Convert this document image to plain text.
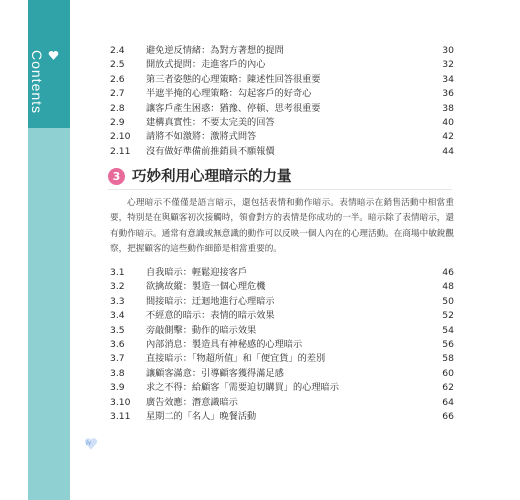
Contents	2.4 避免逆反情緒：為對方著想的提問	30
2.5 開放式提問：走進客戶的內心	32
2.6 第三者姿態的心理策略：陳述性回答很重要	34
2.7 半遮半掩的心理策略：勾起客戶的好奇心	36
2.8 讓客戶產生困惑：猶豫、停頓、思考很重要	38
2.9 建構真實性：不要太完美的回答	40
2.10 請將不如激將：激將式問答	42
2.11 沒有做好準備前推銷員不願報價	44
3 巧妙利用心理暗示的力量
心理暗示不僅僅是語言暗示，還包括表情和動作暗示。表情暗示在銷售活動中相當重要，特別是在與顧客初次接觸時，領會對方的表情是你成功的一半。暗示除了表情暗示，還有動作暗示。通常有意識或無意識的動作可以反映一個人內在的心理活動。在商場中敏銳觀察，把握顧客的這些動作細節是相當重要的。
3.1 自我暗示：輕鬆迎接客戶	46
3.2 欲擒故縱：製造一個心理危機	48
3.3 間接暗示：迂迴地進行心理暗示	50
3.4 不經意的暗示：表情的暗示效果	52
3.5 旁敲側擊：動作的暗示效果	54
3.6 內部消息：製造具有神秘感的心理暗示	56
3.7 直接暗示：「物超所值」和「便宜貨」的差別	58
3.8 讓顧客滿意：引導顧客獲得滿足感	60
3.9 求之不得：給顧客「需要迫切購買」的心理暗示	62
3.10 廣告效應：潛意識暗示	64
3.11 星期二的「名人」晚餐活動	66
iv
